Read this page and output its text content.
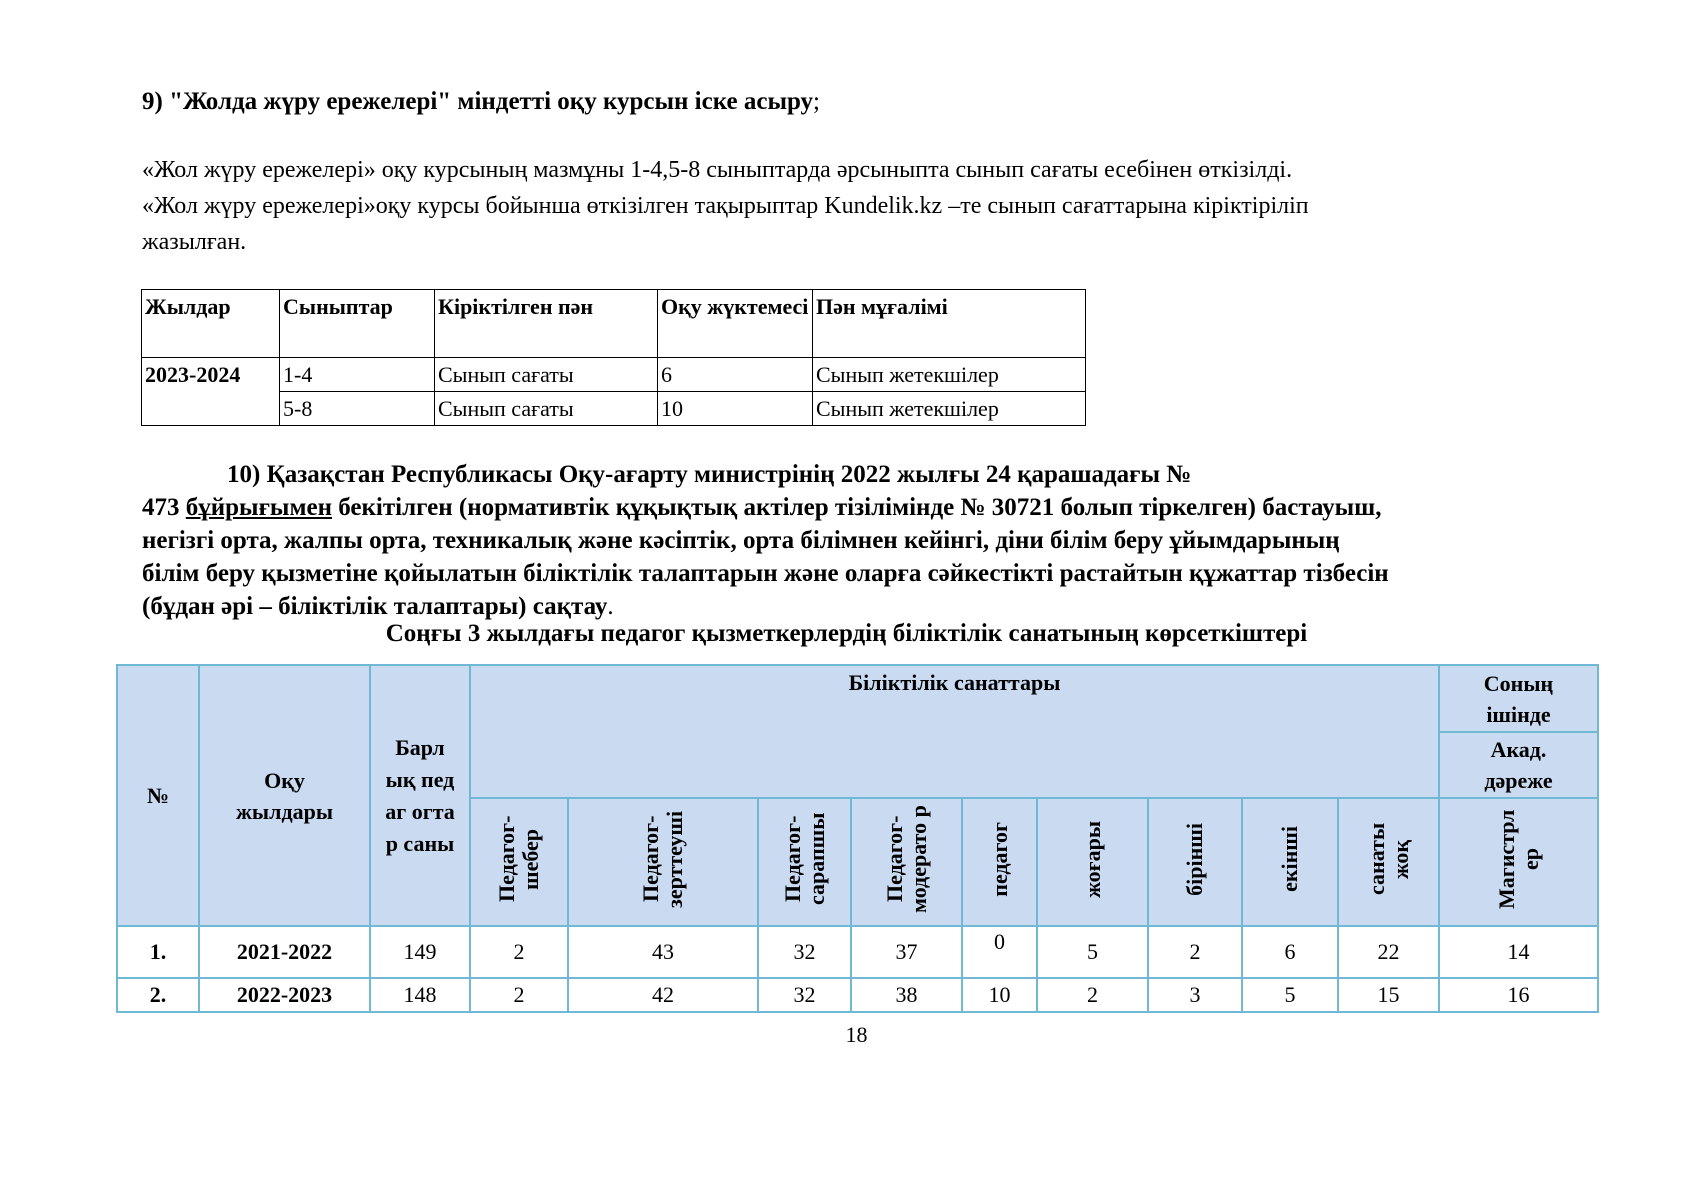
9) "Жолда жүру ережелері" міндетті оқу курсын іске асыру;
«Жол жүру ережелері» оқу курсының мазмұны 1-4,5-8 сыныптарда әрсыныпта сынып сағаты есебінен өткізілді.
«Жол жүру ережелері»оқу курсы бойынша өткізілген тақырыптар Kundelik.kz –те сынып сағаттарына кіріктіріліп
жазылған.
Жылдар	Сыныптар	Кіріктілген пән	Оқу жүктемесі	Пән мұғалімі
2023-2024	1-4	Сынып сағаты	6	Сынып жетекшілер
	5-8	Сынып сағаты	10	Сынып жетекшілер
10) Қазақстан Республикасы Оқу-ағарту министрінің 2022 жылғы 24 қарашадағы №
473 бұйрығымен бекітілген (нормативтік құқықтық актілер тізілімінде № 30721 болып тіркелген) бастауыш,
негізгі орта, жалпы орта, техникалық және кәсіптік, орта білімнен кейінгі, діни білім беру ұйымдарының
білім беру қызметіне қойылатын біліктілік талаптарын және оларға сәйкестікті растайтын құжаттар тізбесін
(бұдан әрі – біліктілік талаптары) сақтау.
Соңғы 3 жылдағы педагог қызметкерлердің біліктілік санатының көрсеткіштері
№	Оқу жылдары	Барл ық педаг огтар саны	Біліктілік санаттары									Соның ішінде

												Акад. дәреже

			Педагог-шебер	Педагог-зерттеуші	Педагог-сарапшы	Педагог-модерато р	педагог	жоғары	бірінші	екінші	санаты жоқ	Магистрл ер
1.	2021-2022	149	2	43	32	37	0	5	2	6	22	14
2.	2022-2023	148	2	42	32	38	10	2	3	5	15	16
18
